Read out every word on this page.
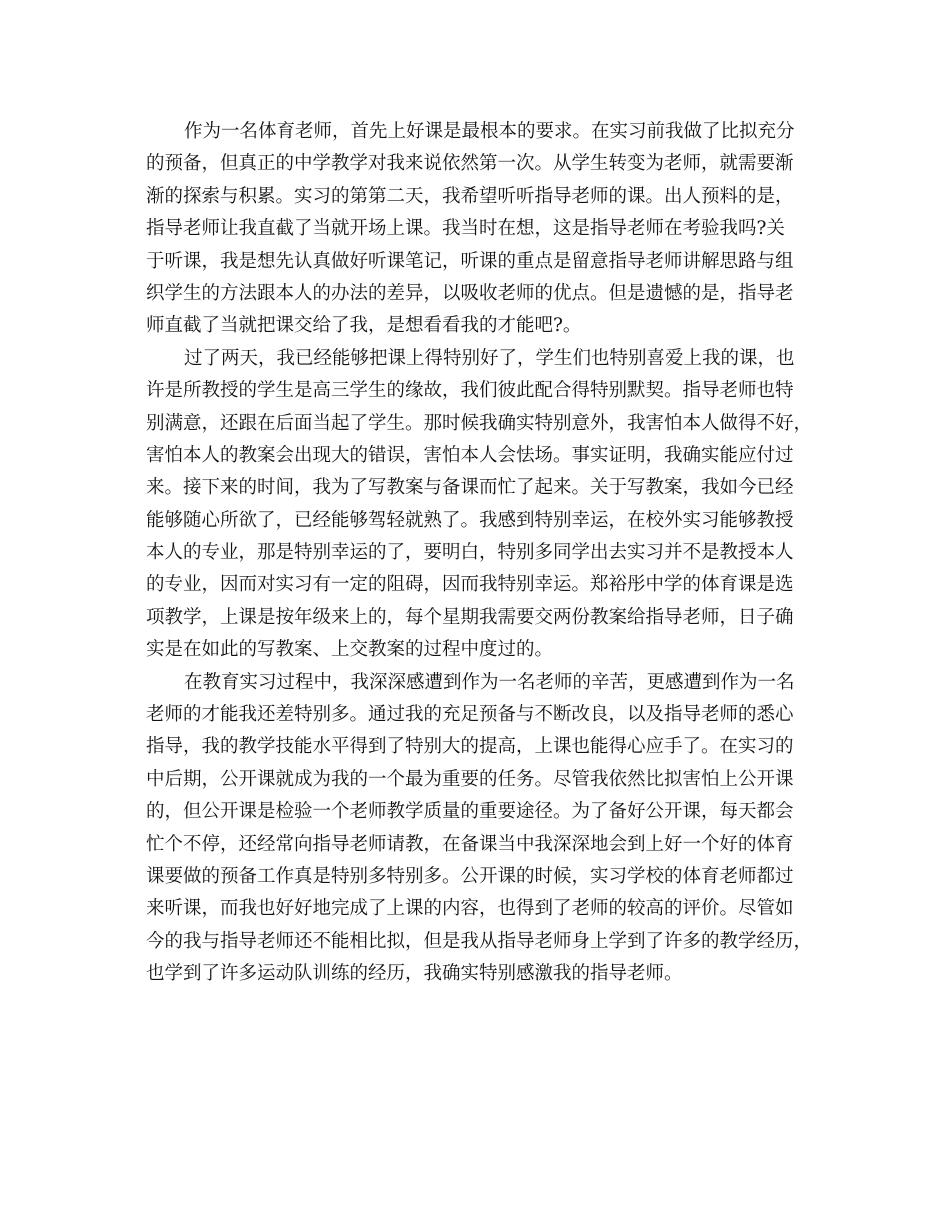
作为一名体育老师，首先上好课是最根本的要求。在实习前我做了比拟充分
的预备，但真正的中学教学对我来说依然第一次。从学生转变为老师，就需要渐
渐的探索与积累。实习的第第二天，我希望听听指导老师的课。出人预料的是，
指导老师让我直截了当就开场上课。我当时在想，这是指导老师在考验我吗?关
于听课，我是想先认真做好听课笔记，听课的重点是留意指导老师讲解思路与组
织学生的方法跟本人的办法的差异，以吸收老师的优点。但是遗憾的是，指导老
师直截了当就把课交给了我，是想看看我的才能吧?。
过了两天，我已经能够把课上得特别好了，学生们也特别喜爱上我的课，也
许是所教授的学生是高三学生的缘故，我们彼此配合得特别默契。指导老师也特
别满意，还跟在后面当起了学生。那时候我确实特别意外，我害怕本人做得不好，
害怕本人的教案会出现大的错误，害怕本人会怯场。事实证明，我确实能应付过
来。接下来的时间，我为了写教案与备课而忙了起来。关于写教案，我如今已经
能够随心所欲了，已经能够驾轻就熟了。我感到特别幸运，在校外实习能够教授
本人的专业，那是特别幸运的了，要明白，特别多同学出去实习并不是教授本人
的专业，因而对实习有一定的阻碍，因而我特别幸运。郑裕彤中学的体育课是选
项教学，上课是按年级来上的，每个星期我需要交两份教案给指导老师，日子确
实是在如此的写教案、上交教案的过程中度过的。
在教育实习过程中，我深深感遭到作为一名老师的辛苦，更感遭到作为一名
老师的才能我还差特别多。通过我的充足预备与不断改良，以及指导老师的悉心
指导，我的教学技能水平得到了特别大的提高，上课也能得心应手了。在实习的
中后期，公开课就成为我的一个最为重要的任务。尽管我依然比拟害怕上公开课
的，但公开课是检验一个老师教学质量的重要途径。为了备好公开课，每天都会
忙个不停，还经常向指导老师请教，在备课当中我深深地会到上好一个好的体育
课要做的预备工作真是特别多特别多。公开课的时候，实习学校的体育老师都过
来听课，而我也好好地完成了上课的内容，也得到了老师的较高的评价。尽管如
今的我与指导老师还不能相比拟，但是我从指导老师身上学到了许多的教学经历，
也学到了许多运动队训练的经历，我确实特别感激我的指导老师。
